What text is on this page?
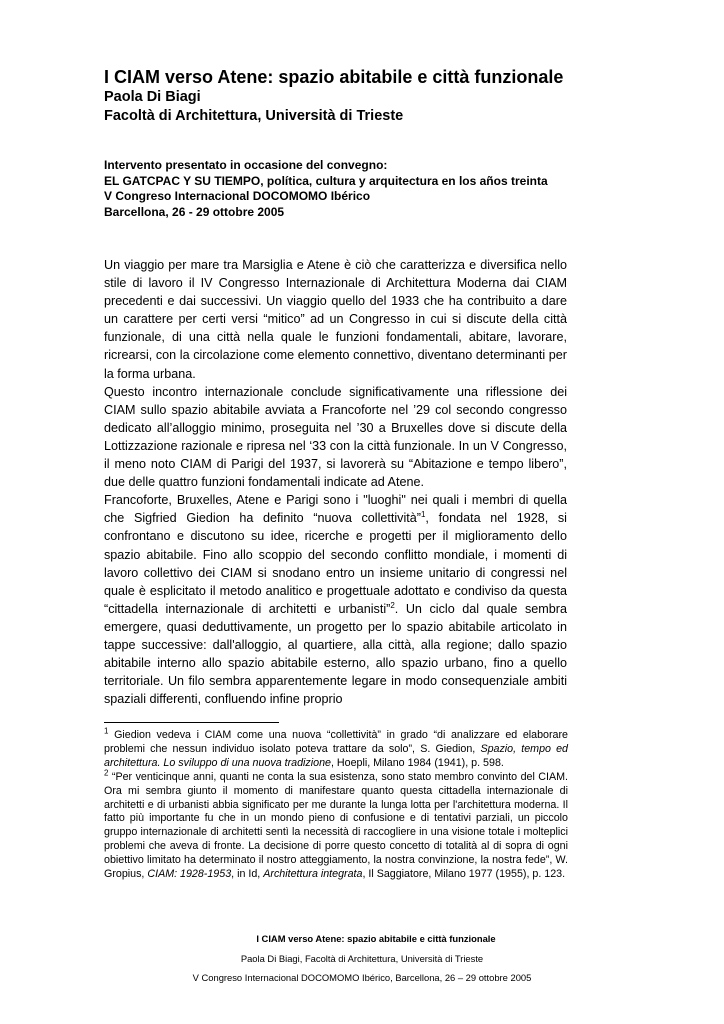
I CIAM verso Atene: spazio abitabile e città funzionale

Paola Di Biagi

Facoltà di Architettura, Università di Trieste

Intervento presentato in occasione del convegno:

EL GATCPAC Y SU TIEMPO, política, cultura y arquitectura en los años treinta

V Congreso Internacional DOCOMOMO Ibérico

Barcellona, 26 - 29 ottobre 2005

Un viaggio per mare tra Marsiglia e Atene è ciò che caratterizza e diversifica nello stile di lavoro il IV Congresso Internazionale di Architettura Moderna dai CIAM precedenti e dai successivi. Un viaggio quello del 1933 che ha contribuito a dare un carattere per certi versi “mitico” ad un Congresso in cui si discute della città funzionale, di una città nella quale le funzioni fondamentali, abitare, lavorare, ricrearsi, con la circolazione come elemento connettivo, diventano determinanti per la forma urbana.

Questo incontro internazionale conclude significativamente una riflessione dei CIAM sullo spazio abitabile avviata a Francoforte nel ’29 col secondo congresso dedicato all’alloggio minimo, proseguita nel ’30 a Bruxelles dove si discute della Lottizzazione razionale e ripresa nel ‘33 con la città funzionale. In un V Congresso, il meno noto CIAM di Parigi del 1937, si lavorerà su “Abitazione e tempo libero”, due delle quattro funzioni fondamentali indicate ad Atene.

Francoforte, Bruxelles, Atene e Parigi sono i "luoghi" nei quali i membri di quella che Sigfried Giedion ha definito “nuova collettività”$^1$, fondata nel 1928, si confrontano e discutono su idee, ricerche e progetti per il miglioramento dello spazio abitabile. Fino allo scoppio del secondo conflitto mondiale, i momenti di lavoro collettivo dei CIAM si snodano entro un insieme unitario di congressi nel quale è esplicitato il metodo analitico e progettuale adottato e condiviso da questa “cittadella internazionale di architetti e urbanisti”$^2$. Un ciclo dal quale sembra emergere, quasi deduttivamente, un progetto per lo spazio abitabile articolato in tappe successive: dall'alloggio, al quartiere, alla città, alla regione; dallo spazio abitabile interno allo spazio abitabile esterno, allo spazio urbano, fino a quello territoriale. Un filo sembra apparentemente legare in modo consequenziale ambiti spaziali differenti, confluendo infine proprio

$^1$ Giedion vedeva i CIAM come una nuova “collettività” in grado “di analizzare ed elaborare problemi che nessun individuo isolato poteva trattare da solo”, S. Giedion, Spazio, tempo ed architettura. Lo sviluppo di una nuova tradizione, Hoepli, Milano 1984 (1941), p. 598.

$^2$ “Per venticinque anni, quanti ne conta la sua esistenza, sono stato membro convinto del CIAM. Ora mi sembra giunto il momento di manifestare quanto questa cittadella internazionale di architetti e di urbanisti abbia significato per me durante la lunga lotta per l'architettura moderna. Il fatto più importante fu che in un mondo pieno di confusione e di tentativi parziali, un piccolo gruppo internazionale di architetti sentì la necessità di raccogliere in una visione totale i molteplici problemi che aveva di fronte. La decisione di porre questo concetto di totalità al di sopra di ogni obiettivo limitato ha determinato il nostro atteggiamento, la nostra convinzione, la nostra fede”, W. Gropius, CIAM: 1928-1953, in Id, Architettura integrata, Il Saggiatore, Milano 1977 (1955), p. 123.

I CIAM verso Atene: spazio abitabile e città funzionale

Paola Di Biagi, Facoltà di Architettura, Università di Trieste

V Congreso Internacional DOCOMOMO Ibérico, Barcellona, 26 – 29 ottobre 2005
